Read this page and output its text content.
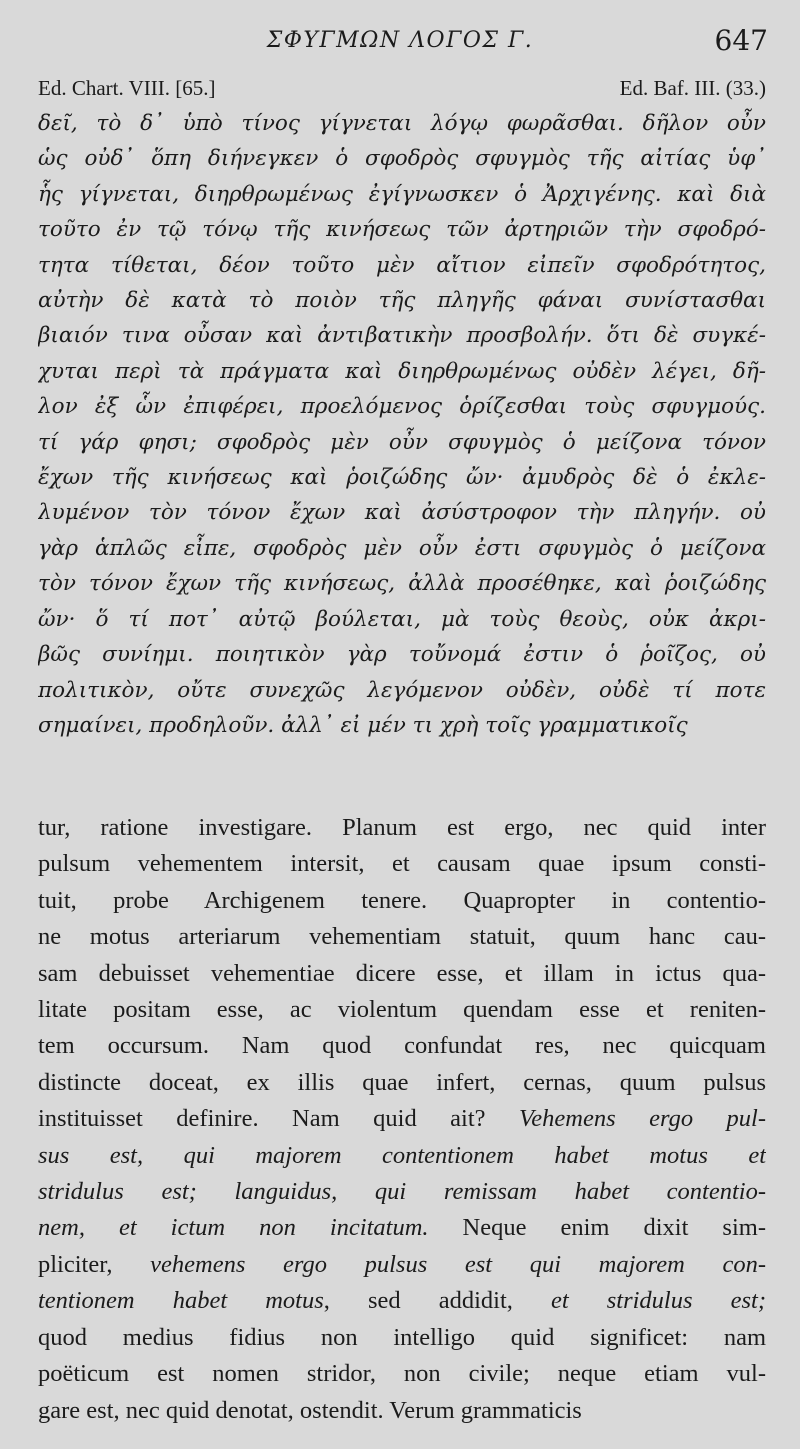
ΣΦΥΓΜΩΝ ΛΟΓΟΣ Γ.	647
Ed. Chart. VIII. [65.]	Ed. Baf. III. (33.)
δεῖ, τὸ δ᾽ ὑπὸ τίνος γίγνεται λόγῳ φωρᾶσθαι. δῆλον οὖν
ὡς οὐδ᾽ ὅπη διήνεγκεν ὁ σφοδρὸς σφυγμὸς τῆς αἰτίας ὑφ᾽
ἧς γίγνεται, διηρθρωμένως ἐγίγνωσκεν ὁ Ἀρχιγένης. καὶ διὰ
τοῦτο ἐν τῷ τόνῳ τῆς κινήσεως τῶν ἀρτηριῶν τὴν σφοδρό-
τητα τίθεται, δέον τοῦτο μὲν αἴτιον εἰπεῖν σφοδρότητος,
αὐτὴν δὲ κατὰ τὸ ποιὸν τῆς πληγῆς φάναι συνίστασθαι
βιαιόν τινα οὖσαν καὶ ἀντιβατικὴν προσβολήν. ὅτι δὲ συγκέ-
χυται περὶ τὰ πράγματα καὶ διηρθρωμένως οὐδὲν λέγει, δῆ-
λον ἐξ ὧν ἐπιφέρει, προελόμενος ὁρίζεσθαι τοὺς σφυγμούς.
τί γάρ φησι; σφοδρὸς μὲν οὖν σφυγμὸς ὁ μείζονα τόνον
ἔχων τῆς κινήσεως καὶ ῥοιζώδης ὤν· ἀμυδρὸς δὲ ὁ ἐκλε-
λυμένον τὸν τόνον ἔχων καὶ ἀσύστροφον τὴν πληγήν. οὐ
γὰρ ἁπλῶς εἶπε, σφοδρὸς μὲν οὖν ἐστι σφυγμὸς ὁ μείζονα
τὸν τόνον ἔχων τῆς κινήσεως, ἀλλὰ προσέθηκε, καὶ ῥοιζώδης
ὤν· ὅ τί ποτ᾽ αὐτῷ βούλεται, μὰ τοὺς θεοὺς, οὐκ ἀκρι-
βῶς συνίημι. ποιητικὸν γὰρ τοὔνομά ἐστιν ὁ ῥοῖζος, οὐ
πολιτικὸν, οὔτε συνεχῶς λεγόμενον οὐδὲν, οὐδὲ τί ποτε
σημαίνει, προδηλοῦν. ἀλλ᾽ εἰ μέν τι χρὴ τοῖς γραμματικοῖς
tur, ratione investigare. Planum est ergo, nec quid inter
pulsum vehementem intersit, et causam quae ipsum consti-
tuit, probe Archigenem tenere. Quapropter in contentio-
ne motus arteriarum vehementiam statuit, quum hanc cau-
sam debuisset vehementiae dicere esse, et illam in ictus qua-
litate positam esse, ac violentum quendam esse et reniten-
tem occursum. Nam quod confundat res, nec quicquam
distincte doceat, ex illis quae infert, cernas, quum pulsus
instituisset definire. Nam quid ait? Vehemens ergo pul-
sus est, qui majorem contentionem habet motus et
stridulus est; languidus, qui remissam habet contentio-
nem, et ictum non incitatum. Neque enim dixit sim-
pliciter, vehemens ergo pulsus est qui majorem con-
tentionem habet motus, sed addidit, et stridulus est;
quod medius fidius non intelligo quid significet: nam
poëticum est nomen stridor, non civile; neque etiam vul-
gare est, nec quid denotat, ostendit. Verum grammaticis
